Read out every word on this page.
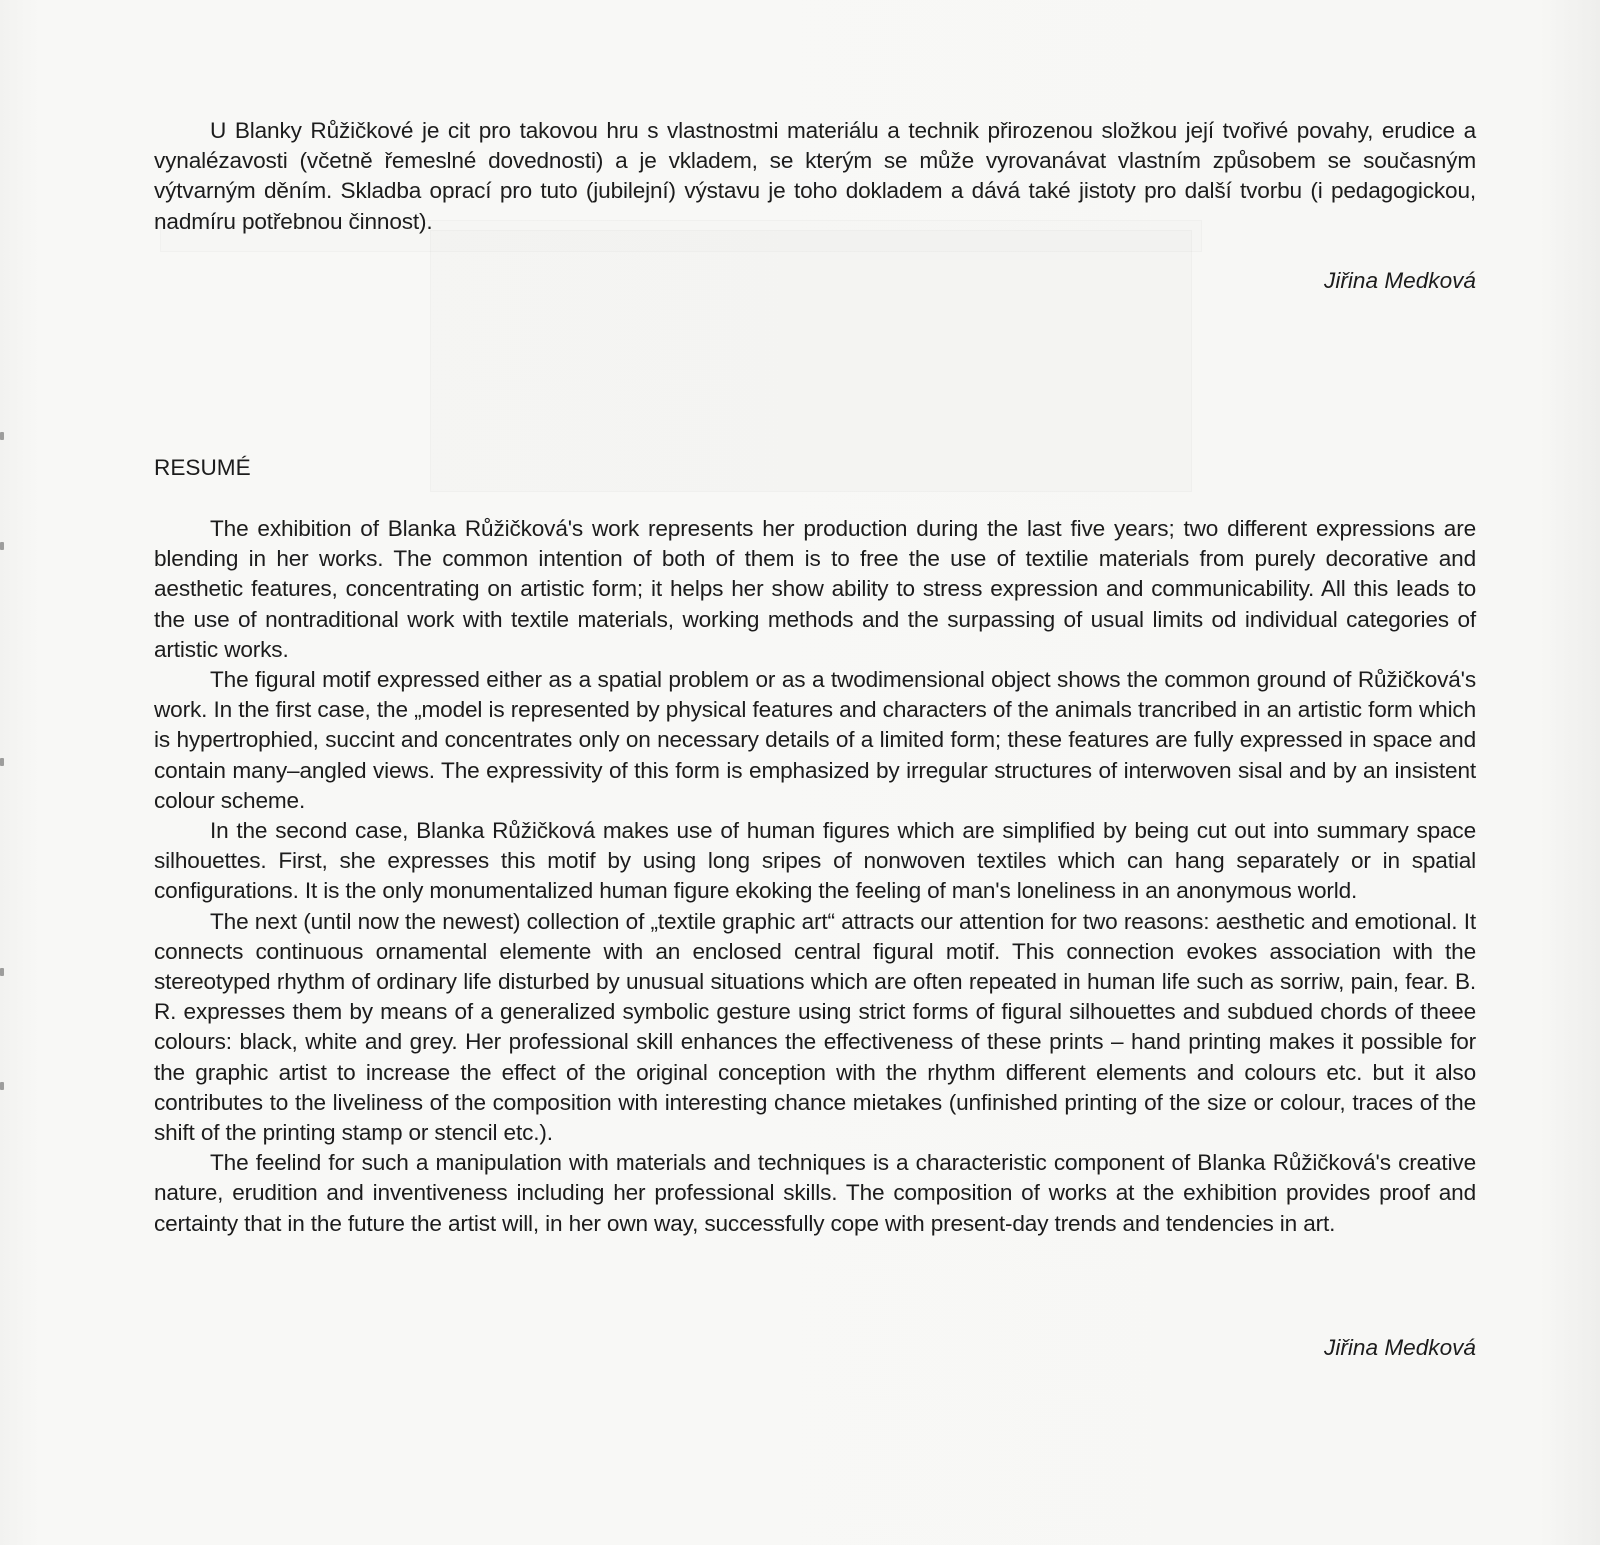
U Blanky Růžičkové je cit pro takovou hru s vlastnostmi materiálu a technik přirozenou složkou její tvořivé povahy, erudice a vynalézavosti (včetně řemeslné dovednosti) a je vkladem, se kterým se může vyrovanávat vlastním způsobem se současným výtvarným děním. Skladba oprací pro tuto (jubilejní) výstavu je toho dokladem a dává také jistoty pro další tvorbu (i pedagogickou, nadmíru potřebnou činnost).

Jiřina Medková

RESUMÉ

The exhibition of Blanka Růžičková's work represents her production during the last five years; two different expressions are blending in her works. The common intention of both of them is to free the use of textilie materials from purely decorative and aesthetic features, concentrating on artistic form; it helps her show ability to stress expression and communicability. All this leads to the use of nontraditional work with textile materials, working methods and the surpassing of usual limits od individual categories of artistic works.

The figural motif expressed either as a spatial problem or as a twodimensional object shows the common ground of Růžičková's work. In the first case, the „model is represented by physical features and characters of the animals trancribed in an artistic form which is hypertrophied, succint and concentrates only on necessary details of a limited form; these features are fully expressed in space and contain many–angled views. The expressivity of this form is emphasized by irregular structures of interwoven sisal and by an insistent colour scheme.

In the second case, Blanka Růžičková makes use of human figures which are simplified by being cut out into summary space silhouettes. First, she expresses this motif by using long sripes of nonwoven textiles which can hang separately or in spatial configurations. It is the only monumentalized human figure ekoking the feeling of man's loneliness in an anonymous world.

The next (until now the newest) collection of „textile graphic art“ attracts our attention for two reasons: aesthetic and emotional. It connects continuous ornamental elemente with an enclosed central figural motif. This connection evokes association with the stereotyped rhythm of ordinary life disturbed by unusual situations which are often repeated in human life such as sorriw, pain, fear. B. R. expresses them by means of a generalized symbolic gesture using strict forms of figural silhouettes and subdued chords of theee colours: black, white and grey. Her professional skill enhances the effectiveness of these prints – hand printing makes it possible for the graphic artist to increase the effect of the original conception with the rhythm different elements and colours etc. but it also contributes to the liveliness of the composition with interesting chance mietakes (unfinished printing of the size or colour, traces of the shift of the printing stamp or stencil etc.).

The feelind for such a manipulation with materials and techniques is a characteristic component of Blanka Růžičková's creative nature, erudition and inventiveness including her professional skills. The composition of works at the exhibition provides proof and certainty that in the future the artist will, in her own way, successfully cope with present-day trends and tendencies in art.

Jiřina Medková
